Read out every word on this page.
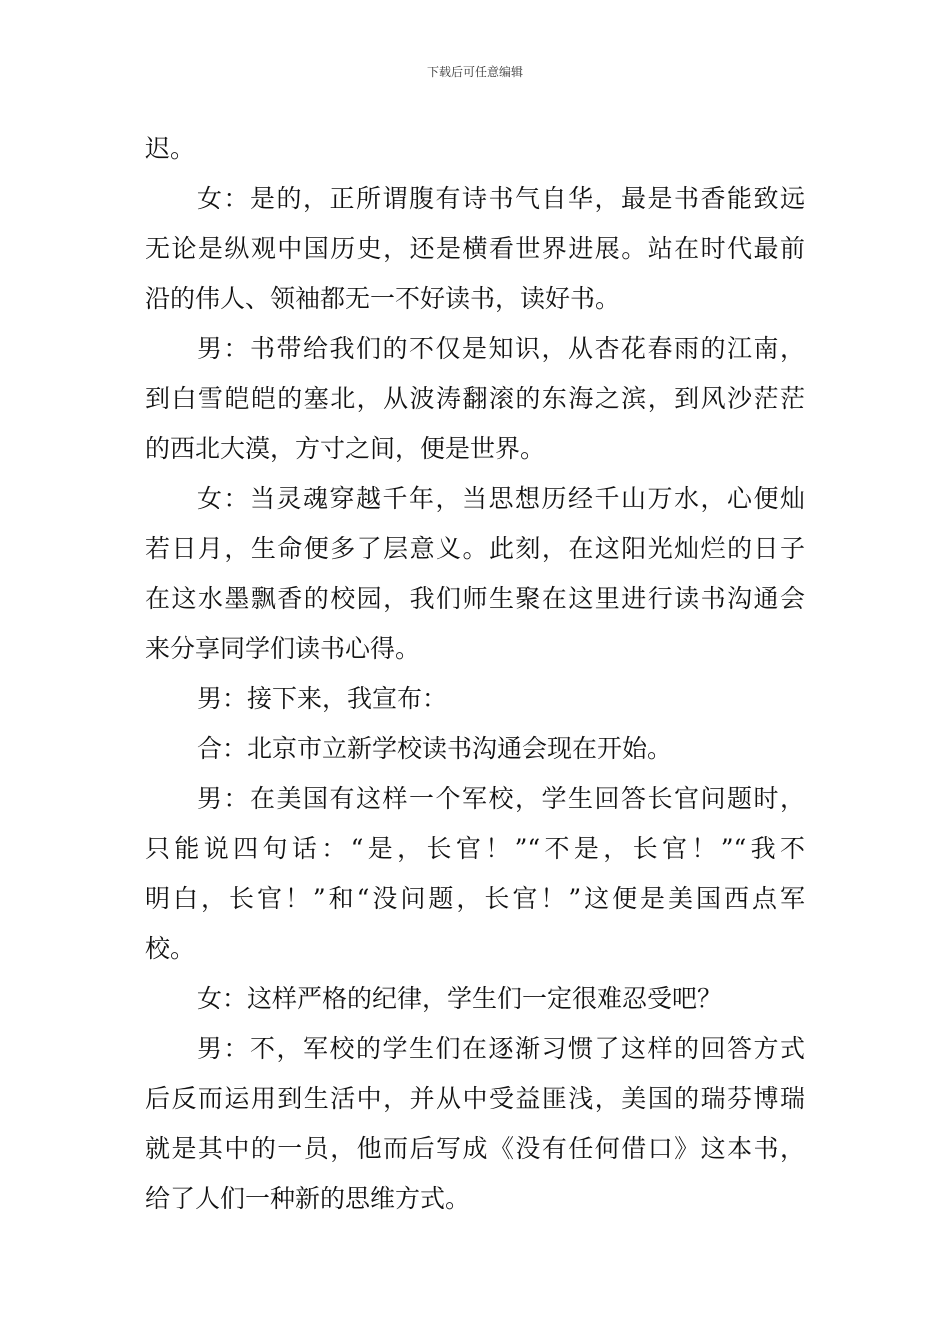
下载后可任意编辑
迟。
女：是的，正所谓腹有诗书气自华，最是书香能致远
无论是纵观中国历史，还是横看世界进展。站在时代最前
沿的伟人、领袖都无一不好读书，读好书。
男：书带给我们的不仅是知识，从杏花春雨的江南，
到白雪皑皑的塞北，从波涛翻滚的东海之滨，到风沙茫茫
的西北大漠，方寸之间，便是世界。
女：当灵魂穿越千年，当思想历经千山万水，心便灿
若日月，生命便多了层意义。此刻，在这阳光灿烂的日子
在这水墨飘香的校园，我们师生聚在这里进行读书沟通会
来分享同学们读书心得。
男：接下来，我宣布：
合：北京市立新学校读书沟通会现在开始。
男：在美国有这样一个军校，学生回答长官问题时，
只能说四句话：“是，长官！”“不是，长官！”“我不
明白，长官！”和“没问题，长官！”这便是美国西点军
校。
女：这样严格的纪律，学生们一定很难忍受吧？
男：不，军校的学生们在逐渐习惯了这样的回答方式
后反而运用到生活中，并从中受益匪浅，美国的瑞芬博瑞
就是其中的一员，他而后写成《没有任何借口》这本书，
给了人们一种新的思维方式。
